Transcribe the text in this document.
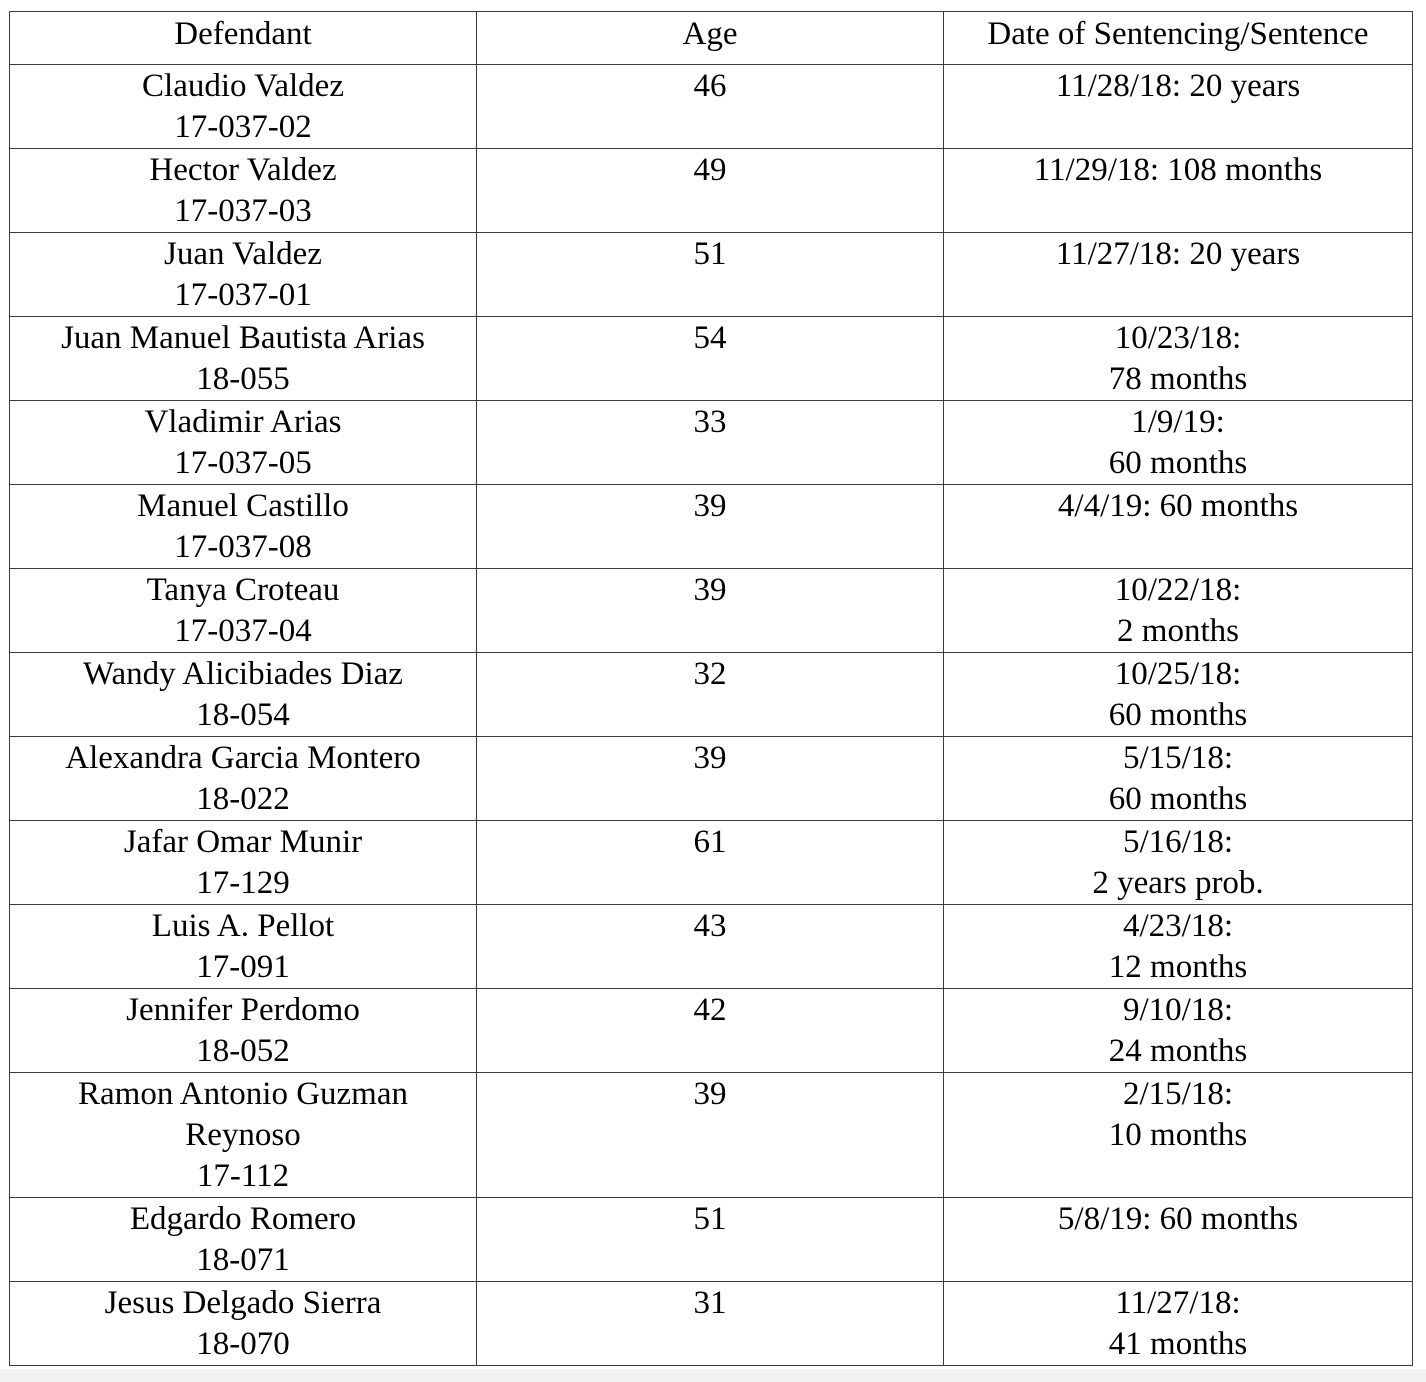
Defendant	Age	Date of Sentencing/Sentence

Claudio Valdez
17-037-02	46	11/28/18: 20 years

Hector Valdez
17-037-03	49	11/29/18: 108 months

Juan Valdez
17-037-01	51	11/27/18: 20 years

Juan Manuel Bautista Arias
18-055	54	10/23/18:
78 months

Vladimir Arias
17-037-05	33	1/9/19:
60 months

Manuel Castillo
17-037-08	39	4/4/19: 60 months

Tanya Croteau
17-037-04	39	10/22/18:
2 months

Wandy Alicibiades Diaz
18-054	32	10/25/18:
60 months

Alexandra Garcia Montero
18-022	39	5/15/18:
60 months

Jafar Omar Munir
17-129	61	5/16/18:
2 years prob.

Luis A. Pellot
17-091	43	4/23/18:
12 months

Jennifer Perdomo
18-052	42	9/10/18:
24 months

Ramon Antonio Guzman
Reynoso
17-112	39	2/15/18:
10 months

Edgardo Romero
18-071	51	5/8/19: 60 months

Jesus Delgado Sierra
18-070	31	11/27/18:
41 months
